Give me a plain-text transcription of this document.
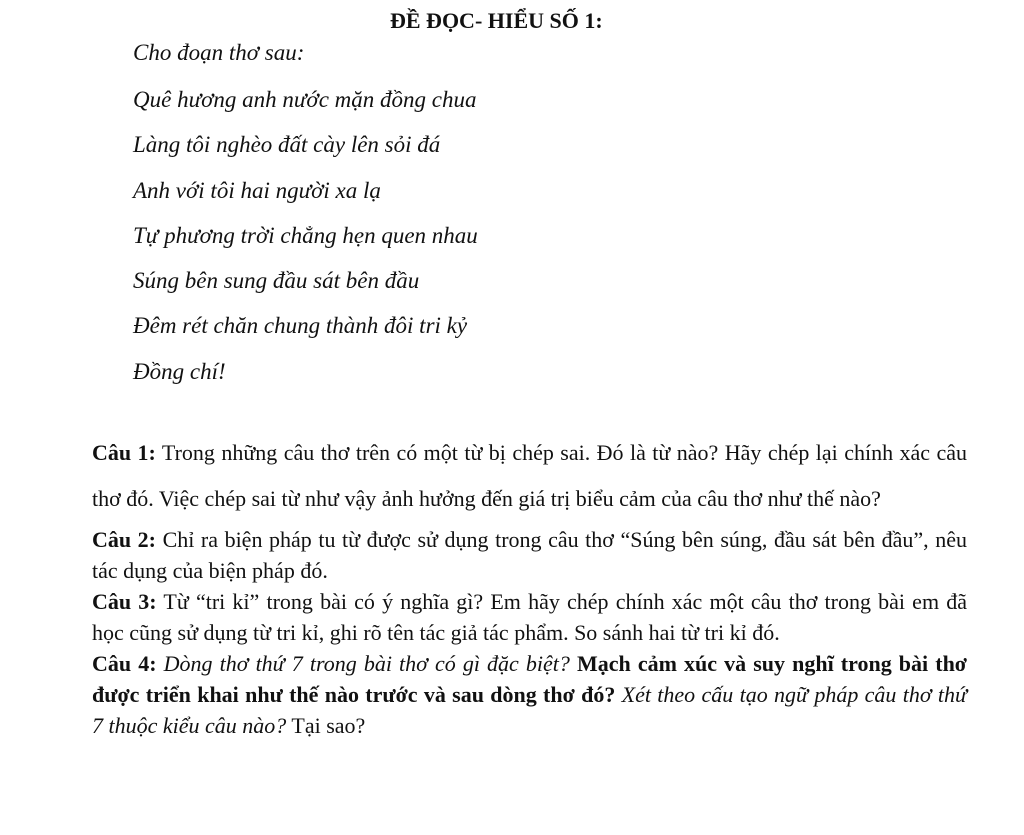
ĐỀ ĐỌC- HIỂU SỐ 1:
Cho đoạn thơ sau:
Quê hương anh nước mặn đồng chua
Làng tôi nghèo đất cày lên sỏi đá
Anh với tôi hai người xa lạ
Tự phương trời chẳng hẹn quen nhau
Súng bên sung đầu sát bên đầu
Đêm rét chăn chung thành đôi tri kỷ
Đồng chí!

Câu 1: Trong những câu thơ trên có một từ bị chép sai. Đó là từ nào? Hãy chép lại chính xác câu thơ đó. Việc chép sai từ như vậy ảnh hưởng đến giá trị biểu cảm của câu thơ như thế nào?

Câu 2: Chỉ ra biện pháp tu từ được sử dụng trong câu thơ “Súng bên súng, đầu sát bên đầu”, nêu tác dụng của biện pháp đó.

Câu 3: Từ “tri kỉ” trong bài có ý nghĩa gì? Em hãy chép chính xác một câu thơ trong bài em đã học cũng sử dụng từ tri kỉ, ghi rõ tên tác giả tác phẩm. So sánh hai từ tri kỉ đó.

Câu 4: Dòng thơ thứ 7 trong bài thơ có gì đặc biệt? Mạch cảm xúc và suy nghĩ trong bài thơ được triển khai như thế nào trước và sau dòng thơ đó? Xét theo cấu tạo ngữ pháp câu thơ thứ 7 thuộc kiểu câu nào? Tại sao?
